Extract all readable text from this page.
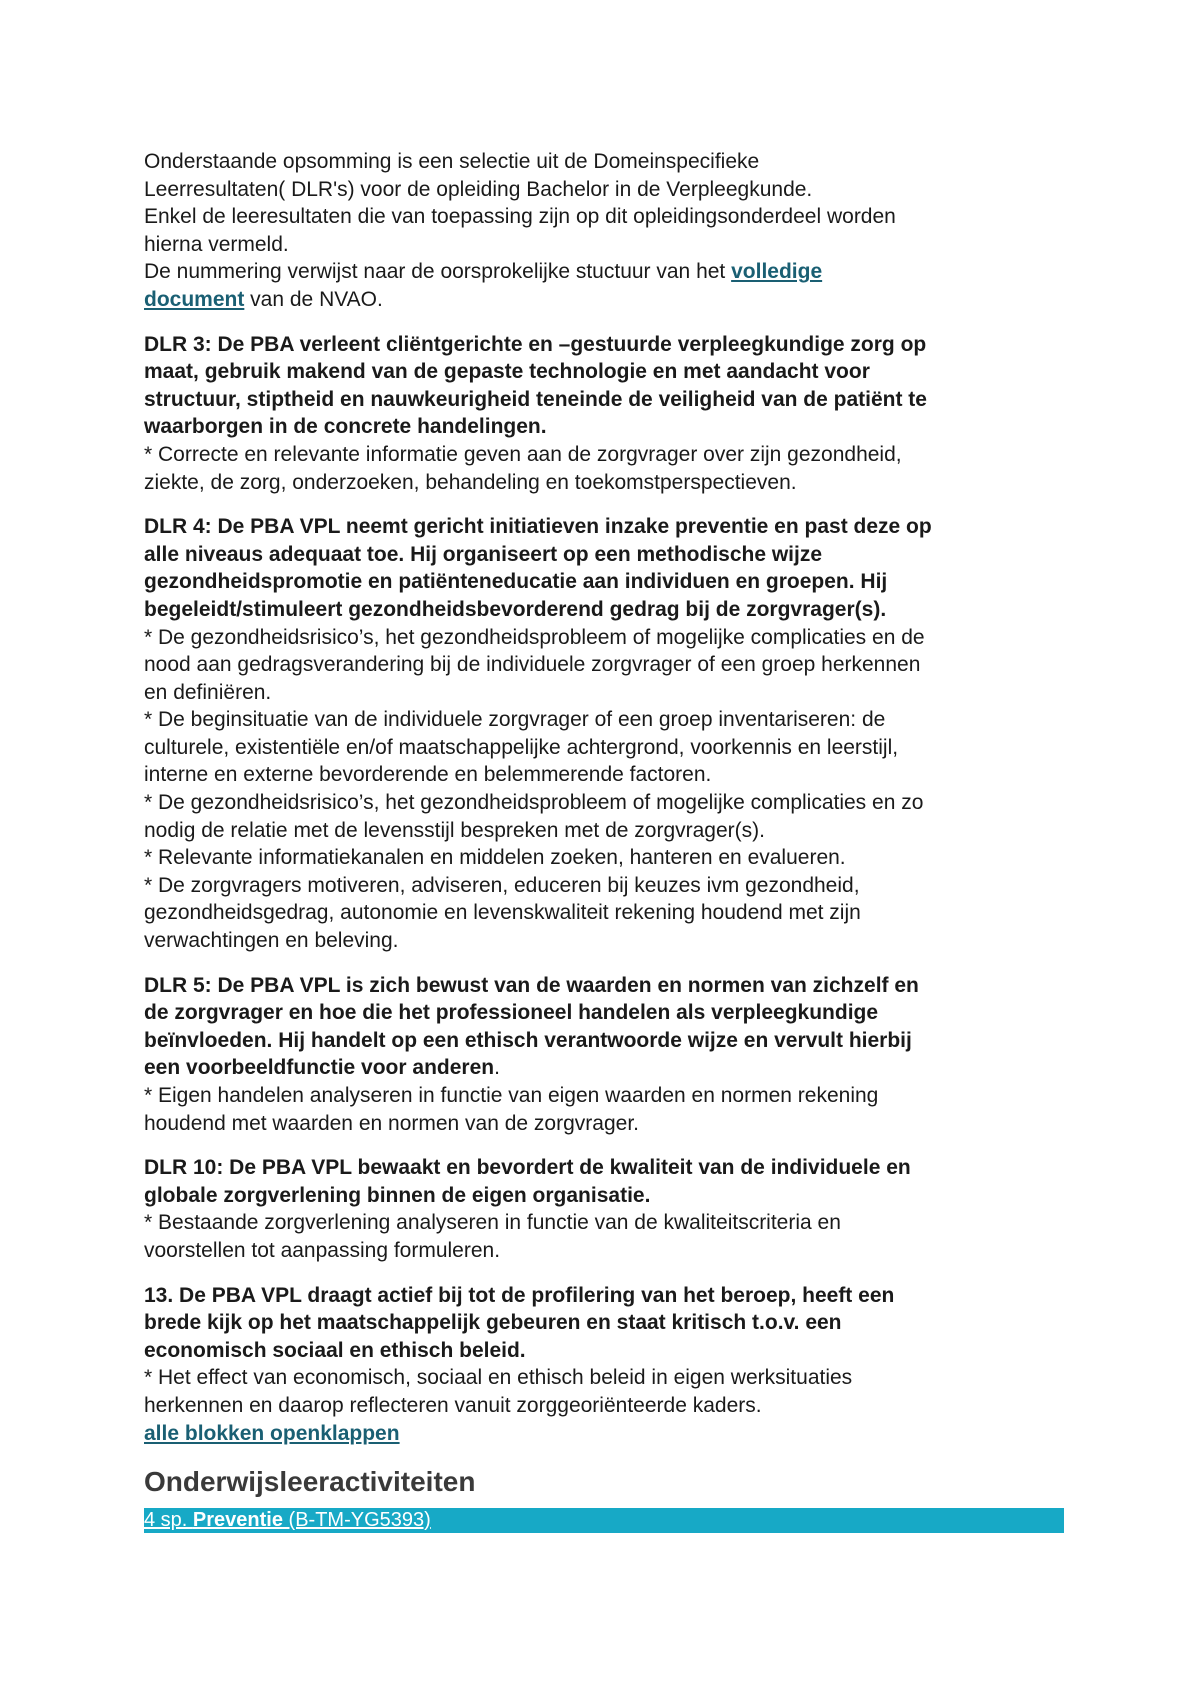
Onderstaande opsomming is een selectie uit de Domeinspecifieke
Leerresultaten( DLR's) voor de opleiding Bachelor in de Verpleegkunde.
Enkel de leeresultaten die van toepassing zijn op dit opleidingsonderdeel worden
hierna vermeld.
De nummering verwijst naar de oorsprokelijke stuctuur van het volledige
document van de NVAO.
DLR 3: De PBA verleent cliëntgerichte en –gestuurde verpleegkundige zorg op
maat, gebruik makend van de gepaste technologie en met aandacht voor
structuur, stiptheid en nauwkeurigheid teneinde de veiligheid van de patiënt te
waarborgen in de concrete handelingen.
* Correcte en relevante informatie geven aan de zorgvrager over zijn gezondheid,
ziekte, de zorg, onderzoeken, behandeling en toekomstperspectieven.
DLR 4: De PBA VPL neemt gericht initiatieven inzake preventie en past deze op
alle niveaus adequaat toe. Hij organiseert op een methodische wijze
gezondheidspromotie en patiënteneducatie aan individuen en groepen. Hij
begeleidt/stimuleert gezondheidsbevorderend gedrag bij de zorgvrager(s).
* De gezondheidsrisico’s, het gezondheidsprobleem of mogelijke complicaties en de
nood aan gedragsverandering bij de individuele zorgvrager of een groep herkennen
en definiëren.
* De beginsituatie van de individuele zorgvrager of een groep inventariseren: de
culturele, existentiële en/of maatschappelijke achtergrond, voorkennis en leerstijl,
interne en externe bevorderende en belemmerende factoren.
* De gezondheidsrisico’s, het gezondheidsprobleem of mogelijke complicaties en zo
nodig de relatie met de levensstijl bespreken met de zorgvrager(s).
* Relevante informatiekanalen en middelen zoeken, hanteren en evalueren.
* De zorgvragers motiveren, adviseren, educeren bij keuzes ivm gezondheid,
gezondheidsgedrag, autonomie en levenskwaliteit rekening houdend met zijn
verwachtingen en beleving.
DLR 5: De PBA VPL is zich bewust van de waarden en normen van zichzelf en
de zorgvrager en hoe die het professioneel handelen als verpleegkundige
beïnvloeden. Hij handelt op een ethisch verantwoorde wijze en vervult hierbij
een voorbeeldfunctie voor anderen.
* Eigen handelen analyseren in functie van eigen waarden en normen rekening
houdend met waarden en normen van de zorgvrager.
DLR 10: De PBA VPL bewaakt en bevordert de kwaliteit van de individuele en
globale zorgverlening binnen de eigen organisatie.
* Bestaande zorgverlening analyseren in functie van de kwaliteitscriteria en
voorstellen tot aanpassing formuleren.
13. De PBA VPL draagt actief bij tot de profilering van het beroep, heeft een
brede kijk op het maatschappelijk gebeuren en staat kritisch t.o.v. een
economisch sociaal en ethisch beleid.
* Het effect van economisch, sociaal en ethisch beleid in eigen werksituaties
herkennen en daarop reflecteren vanuit zorggeoriënteerde kaders.
alle blokken openklappen
Onderwijsleeractiviteiten
4 sp. Preventie (B-TM-YG5393)
